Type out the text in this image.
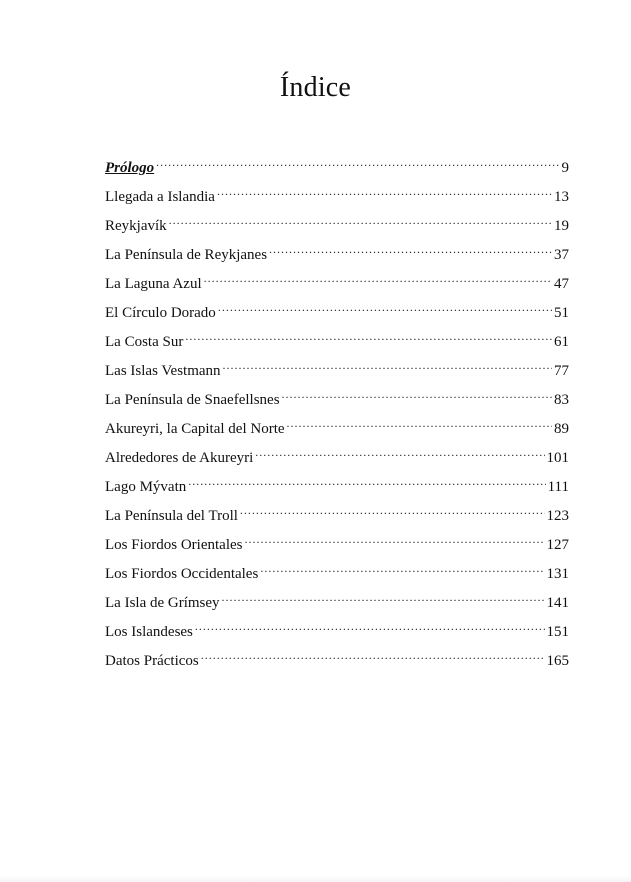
Índice
Prólogo .....	9
Llegada a Islandia .....	13
Reykjavík .....	19
La Península de Reykjanes .....	37
La Laguna Azul .....	47
El Círculo Dorado .....	51
La Costa Sur .....	61
Las Islas Vestmann .....	77
La Península de Snaefellsnes .....	83
Akureyri, la Capital del Norte .....	89
Alrededores de Akureyri .....	101
Lago Mývatn .....	111
La Península del Troll .....	123
Los Fiordos Orientales .....	127
Los Fiordos Occidentales .....	131
La Isla de Grímsey .....	141
Los Islandeses .....	151
Datos Prácticos .....	165
